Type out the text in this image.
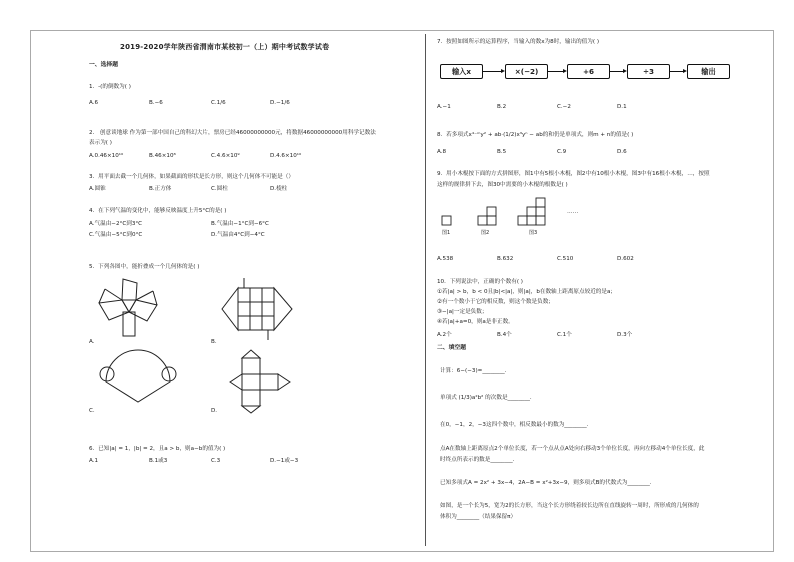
2019-2020学年陕西省渭南市某校初一（上）期中考试数学试卷
一、选择题
1．-(的倒数为( )
A.6	B.−6	C.1/6	D.−1/6
2． 创意谈地球 作为第一部中国自己的科幻大片，票房已经46000000000元，将数据46000000000用科学记数法
表示为( )
A.0.46×10¹⁰	B.46×10⁸	C.4.6×10⁹	D.4.6×10¹⁰
3．用平面去截一个几何体，如果截面的形状是长方形，则这个几何体不可能是（）
A.圆锥	B.正方体	C.圆柱	D.棱柱
4．在下列气温的变化中，能够反映温度上升5°C的是( )
A.气温由−2°C到3°C	B.气温由−1°C到−6°C
C.气温由−5°C到0°C	D.气温由4°C到−4°C
5．下列各图中，能折叠成一个几何体的是( )
A.	B.
C.	D.
6．已知|a| = 1，|b| = 2，且a > b，则a−b的值为( )
A.1	B.1或3	C.3	D.−1或−3
7．按照如图所示的运算程序，当输入的数x为8时，输出的值为( )
输入x	×(−2)	+6	÷3	输出
A.−1	B.2	C.−2	D.1
8．若多项式x⁴⁻ᵐy² + ab·(1/2)x³yⁿ − ab的和仍是单项式，则m + n的值是( )
A.8	B.5	C.9	D.6
9．用小木棍按下面的方式拼图形，图1中有5根小木棍，图2中有10根小木棍，图3中有16根小木棍，…，按照
这样的规律拼下去，图30中需要的小木棍的根数是( )
……
图1	图2	图3
A.538	B.632	C.510	D.602
10．下列说法中，正确的个数有( )
①若|a| > b，b < 0且|b|<|a|，则|a|，b在数轴上距离原点较近的是a；
②有一个数小于它的相反数，则这个数是负数；
③−|a|一定是负数；
④若|a|+a=0，则a是非正数。
A.2个	B.4个	C.1个	D.3个
二、填空题
计算：6−(−3)=________.
单项式 (1/3)a²b² 的次数是________.
在0，−1，2，−3这四个数中，相反数最小的数为________.
点A在数轴上距离原点2个单位长度，若一个点从点A处向右移动3个单位长度，再向左移动4个单位长度，此
时终点所表示的数是________.
已知多项式A = 2x² + 3x−4，2A−B = x²+3x−9，则多项式B的代数式为________.
如图，是一个长为5，宽为2的长方形，当这个长方形绕着较长边所在直线旋转一周时，所形成的几何体的
体积为________（结果保留π）
